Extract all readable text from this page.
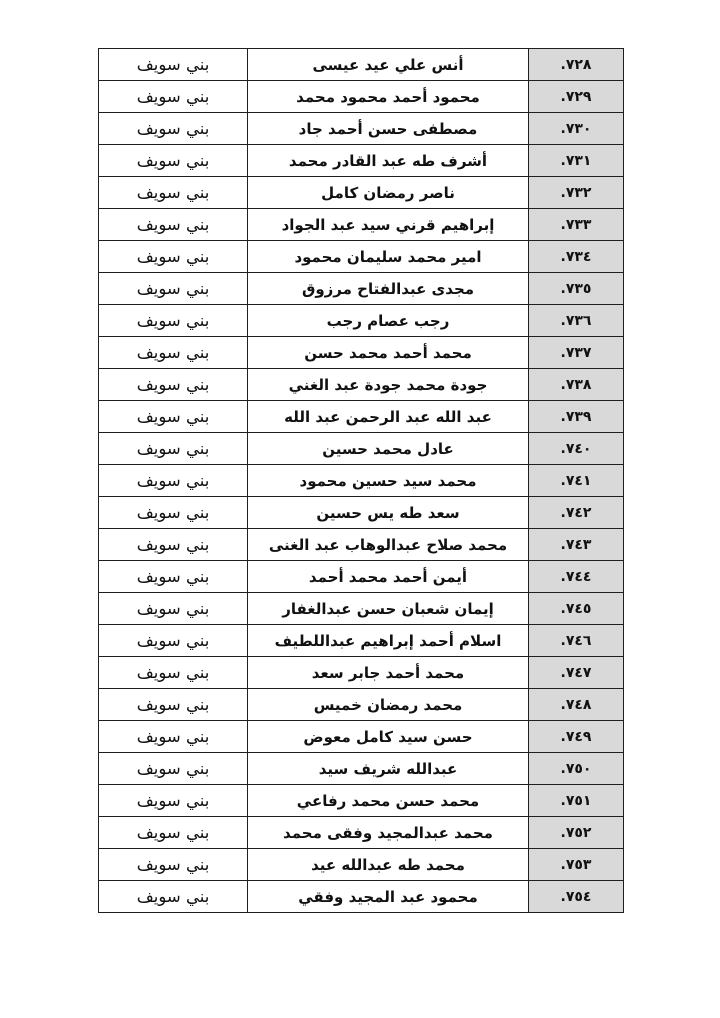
٧٢٨.	أنس علي عيد عيسى	بني سويف
٧٢٩.	محمود أحمد محمود محمد	بني سويف
٧٣٠.	مصطفى حسن أحمد جاد	بني سويف
٧٣١.	أشرف طه عبد القادر محمد	بني سويف
٧٣٢.	ناصر رمضان كامل	بني سويف
٧٣٣.	إبراهيم قرني سيد عبد الجواد	بني سويف
٧٣٤.	امير محمد سليمان محمود	بني سويف
٧٣٥.	مجدى عبدالفتاح مرزوق	بني سويف
٧٣٦.	رجب عصام رجب	بني سويف
٧٣٧.	محمد أحمد محمد حسن	بني سويف
٧٣٨.	جودة محمد جودة عبد الغني	بني سويف
٧٣٩.	عبد الله عبد الرحمن عبد الله	بني سويف
٧٤٠.	عادل محمد حسين	بني سويف
٧٤١.	محمد سيد حسين محمود	بني سويف
٧٤٢.	سعد طه يس حسين	بني سويف
٧٤٣.	محمد صلاح عبدالوهاب عبد الغنى	بني سويف
٧٤٤.	أيمن أحمد محمد أحمد	بني سويف
٧٤٥.	إيمان شعبان حسن عبدالغفار	بني سويف
٧٤٦.	اسلام أحمد إبراهيم عبداللطيف	بني سويف
٧٤٧.	محمد أحمد جابر سعد	بني سويف
٧٤٨.	محمد رمضان خميس	بني سويف
٧٤٩.	حسن سيد كامل معوض	بني سويف
٧٥٠.	عبدالله شريف سيد	بني سويف
٧٥١.	محمد حسن محمد رفاعي	بني سويف
٧٥٢.	محمد عبدالمجيد وفقى محمد	بني سويف
٧٥٣.	محمد طه عبدالله عيد	بني سويف
٧٥٤.	محمود عبد المجيد وفقي	بني سويف
